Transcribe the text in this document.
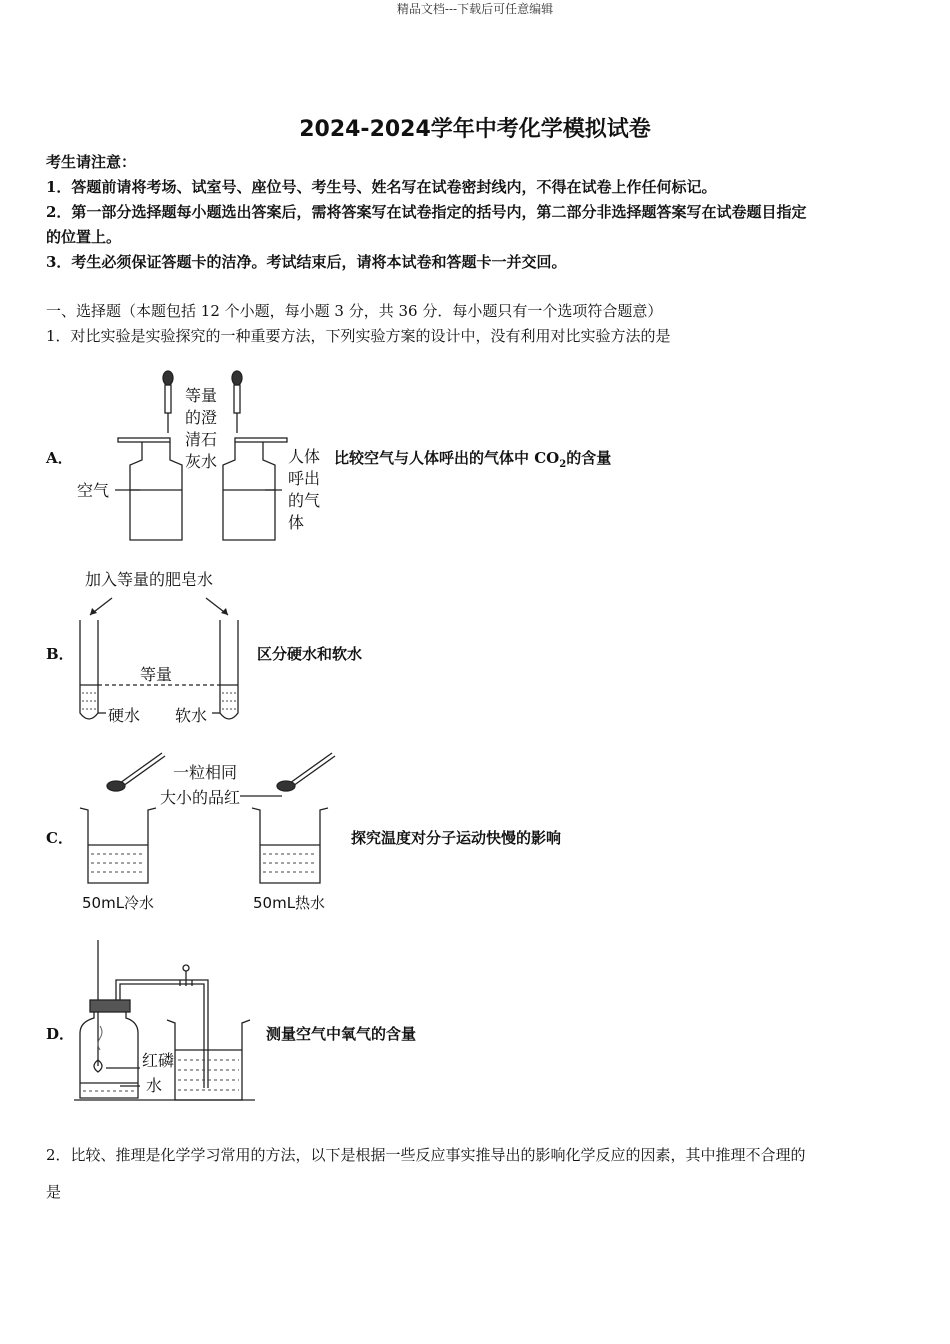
精品文档---下载后可任意编辑
2024-2024学年中考化学模拟试卷
考生请注意：
1．答题前请将考场、试室号、座位号、考生号、姓名写在试卷密封线内，不得在试卷上作任何标记。
2．第一部分选择题每小题选出答案后，需将答案写在试卷指定的括号内，第二部分非选择题答案写在试卷题目指定
的位置上。
3．考生必须保证答题卡的洁净。考试结束后，请将本试卷和答题卡一并交回。
一、选择题（本题包括 12 个小题，每小题 3 分，共 36 分．每小题只有一个选项符合题意）
1．对比实验是实验探究的一种重要方法，下列实验方案的设计中，没有利用对比实验方法的是
A．
等量
的澄
清石
灰水
空气
人体
呼出
的气
体
比较空气与人体呼出的气体中 $CO_2$的含量
B．
加入等量的肥皂水
等量
硬水 软水
区分硬水和软水
C．
一粒相同
大小的品红
50mL冷水	50mL热水
探究温度对分子运动快慢的影响
D．
红磷
水
测量空气中氧气的含量
2．比较、推理是化学学习常用的方法，以下是根据一些反应事实推导出的影响化学反应的因素，其中推理不合理的
是
